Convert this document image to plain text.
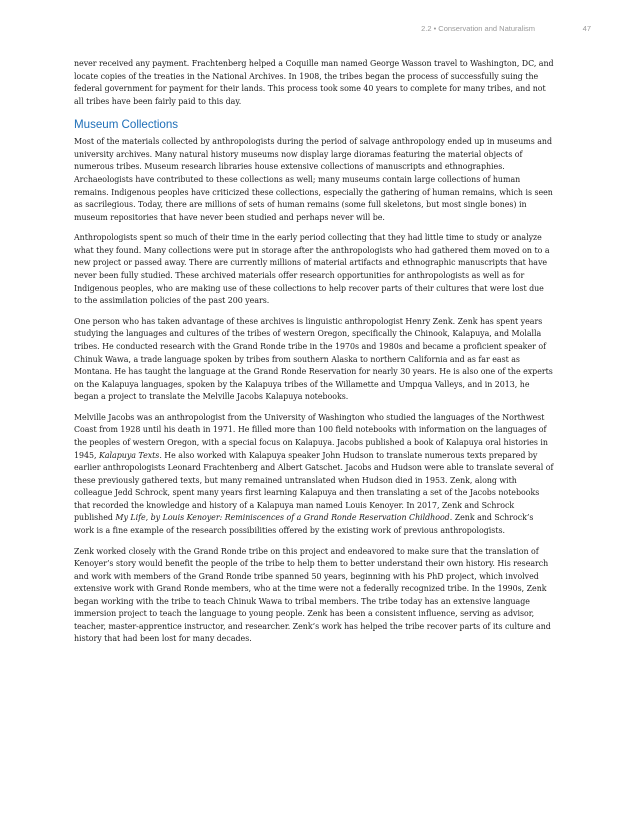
2.2 • Conservation and Naturalism	47

never received any payment. Frachtenberg helped a Coquille man named George Wasson travel to Washington, DC, and locate copies of the treaties in the National Archives. In 1908, the tribes began the process of successfully suing the federal government for payment for their lands. This process took some 40 years to complete for many tribes, and not all tribes have been fairly paid to this day.

Museum Collections

Most of the materials collected by anthropologists during the period of salvage anthropology ended up in museums and university archives. Many natural history museums now display large dioramas featuring the material objects of numerous tribes. Museum research libraries house extensive collections of manuscripts and ethnographies. Archaeologists have contributed to these collections as well; many museums contain large collections of human remains. Indigenous peoples have criticized these collections, especially the gathering of human remains, which is seen as sacrilegious. Today, there are millions of sets of human remains (some full skeletons, but most single bones) in museum repositories that have never been studied and perhaps never will be.

Anthropologists spent so much of their time in the early period collecting that they had little time to study or analyze what they found. Many collections were put in storage after the anthropologists who had gathered them moved on to a new project or passed away. There are currently millions of material artifacts and ethnographic manuscripts that have never been fully studied. These archived materials offer research opportunities for anthropologists as well as for Indigenous peoples, who are making use of these collections to help recover parts of their cultures that were lost due to the assimilation policies of the past 200 years.

One person who has taken advantage of these archives is linguistic anthropologist Henry Zenk. Zenk has spent years studying the languages and cultures of the tribes of western Oregon, specifically the Chinook, Kalapuya, and Molalla tribes. He conducted research with the Grand Ronde tribe in the 1970s and 1980s and became a proficient speaker of Chinuk Wawa, a trade language spoken by tribes from southern Alaska to northern California and as far east as Montana. He has taught the language at the Grand Ronde Reservation for nearly 30 years. He is also one of the experts on the Kalapuya languages, spoken by the Kalapuya tribes of the Willamette and Umpqua Valleys, and in 2013, he began a project to translate the Melville Jacobs Kalapuya notebooks.

Melville Jacobs was an anthropologist from the University of Washington who studied the languages of the Northwest Coast from 1928 until his death in 1971. He filled more than 100 field notebooks with information on the languages of the peoples of western Oregon, with a special focus on Kalapuya. Jacobs published a book of Kalapuya oral histories in 1945, Kalapuya Texts. He also worked with Kalapuya speaker John Hudson to translate numerous texts prepared by earlier anthropologists Leonard Frachtenberg and Albert Gatschet. Jacobs and Hudson were able to translate several of these previously gathered texts, but many remained untranslated when Hudson died in 1953. Zenk, along with colleague Jedd Schrock, spent many years first learning Kalapuya and then translating a set of the Jacobs notebooks that recorded the knowledge and history of a Kalapuya man named Louis Kenoyer. In 2017, Zenk and Schrock published My Life, by Louis Kenoyer: Reminiscences of a Grand Ronde Reservation Childhood. Zenk and Schrock’s work is a fine example of the research possibilities offered by the existing work of previous anthropologists.

Zenk worked closely with the Grand Ronde tribe on this project and endeavored to make sure that the translation of Kenoyer’s story would benefit the people of the tribe to help them to better understand their own history. His research and work with members of the Grand Ronde tribe spanned 50 years, beginning with his PhD project, which involved extensive work with Grand Ronde members, who at the time were not a federally recognized tribe. In the 1990s, Zenk began working with the tribe to teach Chinuk Wawa to tribal members. The tribe today has an extensive language immersion project to teach the language to young people. Zenk has been a consistent influence, serving as advisor, teacher, master-apprentice instructor, and researcher. Zenk’s work has helped the tribe recover parts of its culture and history that had been lost for many decades.
